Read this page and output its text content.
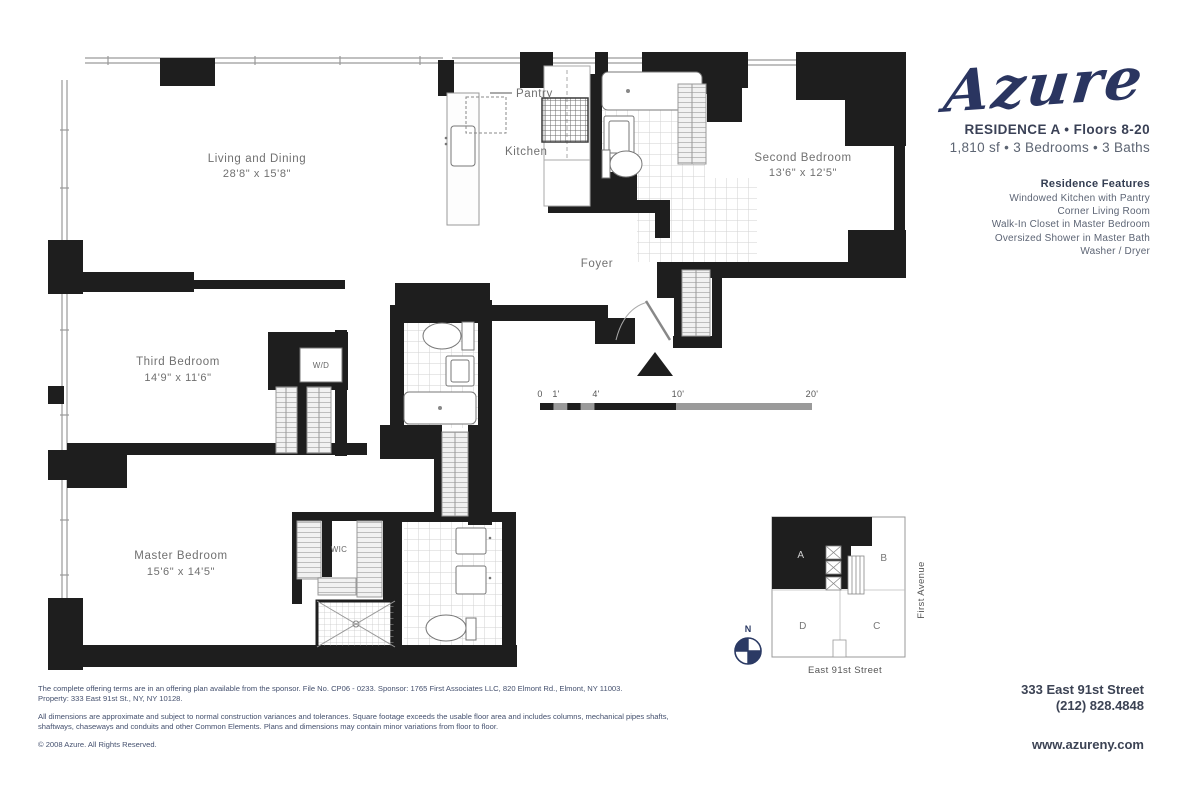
W/D
WIC
Living and Dining
28'8" x 15'8"
Pantry
Kitchen	Second Bedroom
13'6" x 12'5"
Foyer
Third Bedroom
14'9" x 11'6"
Master Bedroom
15'6" x 14'5"
0 1'	4'	10'	20'
A	B
C
D
First Avenue
East 91st Street
N
Azure
RESIDENCE A • Floors 8-20
1,810 sf • 3 Bedrooms • 3 Baths
Residence Features
Windowed Kitchen with Pantry
Corner Living Room
Walk-In Closet in Master Bedroom
Oversized Shower in Master Bath
Washer / Dryer

The complete offering terms are in an offering plan available from the sponsor. File No. CP06 - 0233. Sponsor: 1765 First Associates LLC, 820 Elmont Rd., Elmont, NY 11003.
Property: 333 East 91st St., NY, NY 10128.

All dimensions are approximate and subject to normal construction variances and tolerances. Square footage exceeds the usable floor area and includes columns, mechanical pipes shafts,
shaftways, chaseways and conduits and other Common Elements. Plans and dimensions may contain minor variations from floor to floor.

© 2008 Azure. All Rights Reserved.

333 East 91st Street
(212) 828.4848
www.azureny.com
